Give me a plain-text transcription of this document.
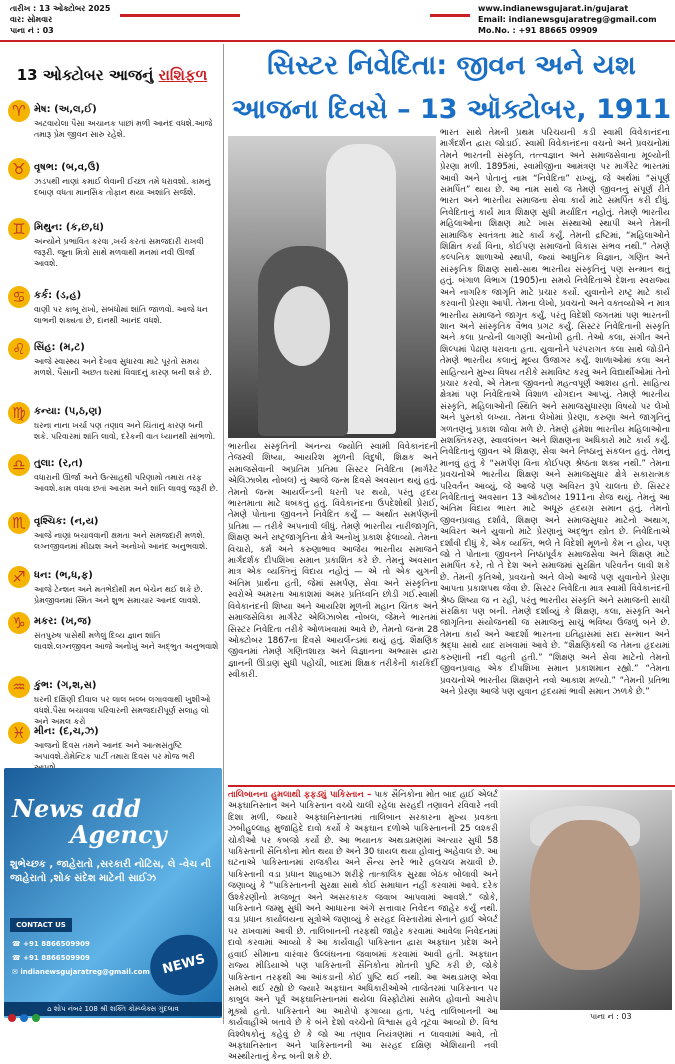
તારીખ : 13 ઓક્ટોબર 2025
વાર: સોમવાર
પાના નં : 03
www.indianewsgujarat.in/gujarat
Email: indianewsgujaratreg@gmail.com
Mo.No. : +91 88665 09909
13 ઓક્ટોબર આજનું રાશિફળ
♈ મેષ: (અ,લ,ઈ)
અટવાયેલા પૈસા અચાનક પાછાં મળી આનંદ વધશે.આજે તમારૂ પ્રેમ જીવન સારુ રહેશે.
♉ વૃષભ: (બ,વ,ઉ)
ઝડપથી નાણાં કમાઈ લેવાની ઈચ્છા તમે ધરાવશો. કામનું દબાણ વધતા માનસિક તોફાન થયા અશાંતિ સર્જશે.
♊ મિથુન: (ક,છ,ઘ)
અન્યોને પ્રભાવિત કરવા ,ખર્ચ કરતાં સમજદારી રાખવી જરૂરી. જૂના મિત્રો સાથે મળવાથી મનમાં નવી ઊર્જા આવશે.
♋ કર્ક: (ડ,હ)
વાણી પર કાબૂ રાખો, સંબંધોમાં શાંતિ જાળવો. આજે ધન લાભની શક્યતા છે, દાનથી આનંદ વધશે.
♌ સિંહ: (મ,ટ)
આજે સ્વાસ્થ્ય અને દેખાવ સુધારવા માટે પૂરતો સમય મળશે. પૈસાની અછત ઘરમાં વિવાદનું કારણ બની શકે છે.
♍ કન્યા: (પ,ઠ,ણ)
ઘરના નાના ખર્ચા પણ તણાવ અને ચિંતાનું કારણ બની શકે. પરિવારમાં શાંતિ લાવો, દરેકની વાત ધ્યાનથી સાંભળો.
♎ તુલા: (ર,ત)
વધારાની ઊર્જા અને ઉત્સાહથી પરિણામો તમારા તરફ આવશે.કામ વધવા છતાં આરામ અને શાંતિ લાવવું જરૂરી છે.
♏ વૃશ્ચિક: (ન,ય)
આજે નાણાં બચાવવાની ક્ષમતા અને સમજદારી મળશે. લગ્નજીવનમાં મીઠાશ અને અનોખો આનંદ અનુભવાશે.
♐ ધન: (ભ,ધ,ફ)
આજે ટેન્શન અને મતભેદોથી મન બેચેન થઈ શકે છે. પ્રેમજીવનમાં સ્મિત અને શુભ સમાચાર આનંદ લાવશે.
♑ મકર: (ખ,જ)
સંતપુરુષ પાસેથી મળેલું દિવ્ય જ્ઞાન શાંતિ લાવશે.લગ્નજીવન આજે અનોખું અને અદ્ભુત અનુભવાશે
♒ કુંભ: (ગ,શ,સ)
ઘરની દક્ષિણી દીવાલ પર લાલ બલ્બ લગાવવાથી ખુશીઓ વધશે.પૈસા બચાવવા પરિવારની સમજદારીપૂર્ણ સલાહ લો અને અમલ કરો
♓ મીન: (દ,ચ,ઝ)
આજનો દિવસ તમને આનંદ અને આત્મસંતુષ્ટિ અપાવશે.રોમેન્ટિક પાર્ટી તમારા દિવસ પર મોજ ભરી
News add
Agency
શુભેચ્છક , જાહેરાતો ,સરકારી નોટિસ, લે -વેચ ની જાહેરાતો ,શોક સંદેશ માટેની સાઈઝ
NEWS
CONTACT US
☎ +91 8866509909
☎ +91 8866509909
✉ indianewsgujaratreg@gmail.com
⌂ શોપ નંબર 108 શ્રી શક્તિ કોમ્પ્લેક્સ ગુંદલાવ
સિસ્ટર નિવેદિતા: જીવન અને યશ આજના દિવસે – 13 ઑક્ટોબર, 1911
ભારત સાથે તેમની પ્રથમ પરિચયની કડી સ્વામી વિવેકાનંદના માર્ગદર્શન દ્વારા જોડાઈ. સ્વામી વિવેકાનંદના વચનો અને પ્રવચનોમાં તેમને ભારતની સંસ્કૃતિ, તત્ત્વજ્ઞાન અને સમાજસેવાના મૂલ્યોની પ્રેરણા મળી. 1895માં, સ્વામીજીના આમંત્રણ પર માર્ગરેટ ભારતમાં આવી અને પોતાનું નામ “નિવેદિતા” રાખ્યું, જે અર્થમાં “સંપૂર્ણ સમર્પિત” થાય છે. આ નામ સાથે જ તેમણે જીવનનું સંપૂર્ણ રીતે ભારત અને ભારતીય સમાજના સેવા કાર્ય માટે સમર્પિત કરી દીધું. નિવેદિતાનું કાર્ય માત્ર શિક્ષણ સુધી મર્યાદિત નહોતું. તેમણે ભારતીય મહિલાઓના શિક્ષણ માટે ખાસ સંસ્થાઓ સ્થાપી અને તેમની સામાજિક સ્વતંત્રતા માટે કાર્ય કર્યું. તેમની દ્રષ્ટિમાં, “મહિલાઓને શિક્ષિત કર્યા વિના, કોઈપણ સમાજનો વિકાસ સંભવ નથી.” તેમણે કલ્પનિક શાળાઓ સ્થાપી, જ્યાં આધુનિક વિજ્ઞાન, ગણિત અને સાંસ્કૃતિક શિક્ષણ સાથે-સાથ ભારતીય સંસ્કૃતિનું પણ સન્માન થતું હતું. બંગાળ વિભાગ (1905)ના સમયે નિવેદિતાએ દેશના સ્વરાજ્ય અને નાગરિક જાગૃતિ માટે પ્રચાર કર્યો. યુવાનોને રાષ્ટ્ર માટે કાર્ય કરવાની પ્રેરણા આપી. તેમના લેખો, પ્રવચનો અને વક્તવ્યોએ ન માત્ર ભારતીય સમાજને જાગૃત કર્યું, પરંતુ વિદેશી જગતમાં પણ ભારતની શાન અને સાંસ્કૃતિક વૈભવ પ્રગટ કર્યું. સિસ્ટર નિવેદિતાની સંસ્કૃતિ અને કલા પ્રત્યેની લાગણી અનોખી હતી. તેઓ કલા, સંગીત અને શિલ્પમાં પેઢાણ ધરાવતા હતા. યુવાનોને પરંપરાગત કલા સાથે જોડીને તેમણે ભારતીય કલાનું મૂલ્ય ઉજાગર કર્યું. શાળાઓમાં કલા અને સાહિત્યને મુખ્ય વિષય તરીકે સમાવિષ્ટ કરવું અને વિદ્યાર્થીઓમાં તેનો પ્રચાર કરવો, એ તેમના જીવનનો મહત્વપૂર્ણ આશય હતો. સાહિત્ય ક્ષેત્રમાં પણ નિવેદિતાએ વિશાળ યોગદાન આપ્યું. તેમણે ભારતીય સંસ્કૃતિ, મહિલાઓની સ્થિતિ અને સમાજસુધારણા વિષયો પર લેખો અને પુસ્તકો લખ્યા. તેમના લેખોમાં પ્રેરણા, કરુણા અને જાગૃતિનું ગળતણનું પ્રકાશ જોવા મળે છે. તેમણે હંમેશા ભારતીય મહિલાઓના સશક્તિકરણ, સ્વાવલંબન અને શિક્ષણના અધિકારો માટે કાર્ય કર્યું. નિવેદિતાનું જીવન એ શિક્ષણ, સેવા અને નિષ્ઠાનું સંકલન હતું. તેમનું માનવું હતું કે “સમર્પણ વિના કોઈપણ શ્રેષ્ઠતા શક્ય નથી.” તેમના પ્રવચનોએ ભારતીય શિક્ષણ અને સમાજસુધાર ક્ષેત્રે સકારાત્મક પરિવર્તન આવ્યું, જે આજે પણ અવિરત રૂપે ચાલતા છે. સિસ્ટર નિવેદિતાનું અવસાન 13 ઑક્ટોબર 1911ના રોજ થયું. તેમનું આ અંતિમ વિદાય ભારત માટે અધૂરું હ્રદયગ્ર સમાન હતું. તેમનો જીવનપ્રવાહ દર્શાવે, શિક્ષણ અને સમાજસુધાર માટેનો અથાગ, અવિરત અને યુવાનો માટે પ્રેરણાનું અદ્ભુત સ્ત્રોત છે. નિવેદિતાએ દર્શાવી દીધું કે, એક વ્યક્તિ, ભલે તે વિદેશી મૂળનો કેમ ન હોય, પણ જો તે પોતાના જીવનને નિષ્ઠાપૂર્વક સમાજસેવા અને શિક્ષણ માટે સમર્પિત કરે, તો તે દેશ અને સમાજમાં સુરક્ષિત પરિવર્તન લાવી શકે છે. તેમની કૃતિઓ, પ્રવચનો અને લેખો આજે પણ યુવાનોને પ્રેરણા આપતા પ્રકાશપથ જેવા છે. સિસ્ટર નિવેદિતા માત્ર સ્વામી વિવેકાનંદની શ્રેષ્ઠ શિષ્યા જ ન રહી, પરંતુ ભારતીય સંસ્કૃતિ અને સમાજની સાચી સંરક્ષિકા પણ બની. તેમણે દર્શાવ્યું કે શિક્ષણ, કલા, સંસ્કૃતિ અને જાગૃતિના સંયોજનથી જ સમાજનું સાચું ભવિષ્ય ઉજળું બને છે. તેમના કાર્ય અને આદર્શો ભારતના ઇતિહાસમાં સદા સન્માન અને શ્રદ્ધા સાથે યાદ રાખવામાં આવે છે. “શૈક્ષણિકથી જ તેમના હૃદયમાં કરુણાની નદી વહતી હતી.” “શિક્ષણ અને સેવા માટેનો તેમનો જીવનપ્રવાહ એક દીપશિખા સમાન પ્રકાશમાન રહ્યો.” “તેમના પ્રવચનોએ ભારતીય શિક્ષણને નવો આકાશ મળ્યો.” “તેમની પ્રતિભા અને પ્રેરણા આજે પણ યુવાન હૃદયમાં ભાવી સમાન ઝળકે છે.”
ભારતીય સંસ્કૃતિની અનન્ય જ્યોતિ સ્વામી વિવેકાનંદની તેજસ્વી શિષ્યા, આયરિશ મૂળની વિદુષી, શિક્ષક અને સમાજસેવાની અપ્રતિમ પ્રતિમા સિસ્ટર નિવેદિતા (માર્ગરેટ એલિઝાબેથ નોબલ) નું આજે જન્મ દિવસે અવસાન થયું હતું. તેમનો જન્મ આયર્લેન્ડની ધરતી પર થયો, પરંતુ હૃદય ભારતમાતા માટે ધબકતું હતું. વિવેકાનંદના ઉપદેશોથી પ્રેરાઈ, તેમણે પોતાના જીવનને નિવેદિત કર્યું — અર્થાત સમર્પણની પ્રતિમા — તરીકે અપનાવી લીધું. તેમણે ભારતીય નારીજાગૃતિ, શિક્ષણ અને રાષ્ટ્રજાગૃતિના ક્ષેત્રે અનોખું પ્રકાશ ફેલાવ્યો. તેમના વિચારો, કર્મ અને કરુણાભાવ આજેય ભારતીય સમાજને માર્ગદર્શક દીપશિખા સમાન પ્રકાશિત કરે છે. તેમનું અવસાન માત્ર એક વ્યક્તિનું વિદાય નહોતું — એ તો એક યુગની અંતિમ પ્રાર્થના હતી, જેમાં સમર્પણ, સેવા અને સંસ્કૃતિના સ્વરોએ અમરતા આકાશમાં અમર પ્રતિધ્વનિ છોડી ગઈ.સ્વામી વિવેકાનંદની શિષ્યા અને આયરિશ મૂળની મહાન ચિંતક અને સમાજસેવિકા માર્ગરેટ એલિઝાબેથ નોબલ, જેમને ભારતમાં સિસ્ટર નિવેદિતા તરીકે ઓળખવામાં આવે છે, તેમનો જન્મ 28 ઓક્ટોબર 1867ના દિવસે આયર્લેન્ડમાં થયું હતું. શૈક્ષણિક જીવનમાં તેમણે ગણિતશાસ્ત્ર અને વિજ્ઞાનના અભ્યાસ દ્વારા જ્ઞાનની ઊંડાણ સુધી પહોંચી, બાદમાં શિક્ષક તરીકેની કારકિર્દી સ્વીકારી.
તાલિબાનના હુમલાથી ફફડ્યું પાકિસ્તાન – પાક સૈનિકોના મોત બાદ હાઈ એલર્ટ અફઘાનિસ્તાન અને પાકિસ્તાન વચ્ચે ચાલી રહેલા સરહદી તણાવને રવિવારે નવી દિશા મળી, જ્યારે અફઘાનિસ્તાનમાં તાલિબાન સરકારના મુખ્ય પ્રવક્તા ઝબીહુલ્લાહ મુજાહિદે દાવો કર્યો કે અફઘાન દળોએ પાકિસ્તાનની 25 લશ્કરી ચોકીઓ પર કબજો કર્યો છે. આ ભયાનક અથડામણમાં અત્યાર સુધી 58 પાકિસ્તાની સૈનિકોના મોત થયા છે અને 30 ઘાયલ થયા હોવાનું અહેવાલ છે. આ ઘટનાએ પાકિસ્તાનમાં રાજકીય અને સૈન્ય સ્તરે ભારે હલચલ મચાવી છે. પાકિસ્તાની વડા પ્રધાન શાહબાઝ શરીફે તાત્કાલિક સુરક્ષા બેઠક બોલાવી અને જણાવ્યું કે “પાકિસ્તાનની સુરક્ષા સાથે કોઈ સમાધાન નહીં કરવામાં આવે. દરેક ઉશ્કેરણીનો મજબૂત અને અસરકારક જવાબ આપવામાં આવશે.” જોકે, પાકિસ્તાને જમ્મુ સુધી અને આધારના અંગે સત્તાવાર નિવેદન જાહેર કર્યું નથી. વડા પ્રધાન કાર્યાલયના સૂત્રોએ જણાવ્યું કે સરહદ વિસ્તારોમાં સેનાને હાઈ એલર્ટ પર રાખવામાં આવી છે. તાલિબાનની તરફથી જાહેર કરવામાં આવેલા નિવેદનમાં દાવો કરવામાં આવ્યો કે આ કાર્યવાહી પાકિસ્તાન દ્વારા અફઘાન પ્રદેશ અને હવાઈ સીમાના વારંવાર ઉલ્લંઘનના જવાબમાં કરવામાં આવી હતી. અફઘાન રાજ્ય મીડિયાએ પણ પાકિસ્તાની સૈનિકોના મોતની પુષ્ટિ કરી છે, જોકે પાકિસ્તાન તરફથી આ આંકડાની કોઈ પુષ્ટિ થઈ નથી. આ અથડામણ એવા સમયે થઈ રહ્યો છે જ્યારે અફઘાન અધિકારીઓએ તાજેતરમાં પાકિસ્તાન પર કાબુલ અને પૂર્વ અફઘાનિસ્તાનમાં થયેલા વિસ્ફોટોમાં સામેલ હોવાનો આરોપ મૂક્યો હતો. પાકિસ્તાને આ આરોપો ફગાવ્યા હતા, પરંતુ તાલિબાનની આ કાર્યવાહીએ બતાવે છે કે બંને દેશો વચ્ચેનો વિશ્વાસ હવે તૂટવા આવ્યો છે. વિશ્વ વિશ્લેષકોનું કહેવું છે કે જો આ તણાવ નિયંત્રણમાં ન લાવવામાં આવે, તો અફઘાનિસ્તાન અને પાકિસ્તાનની આ સરહદ દક્ષિણ એશિયાની નવી અસ્થીરતાનું કેન્દ્ર બની શકે છે.
પાના નં : 03
